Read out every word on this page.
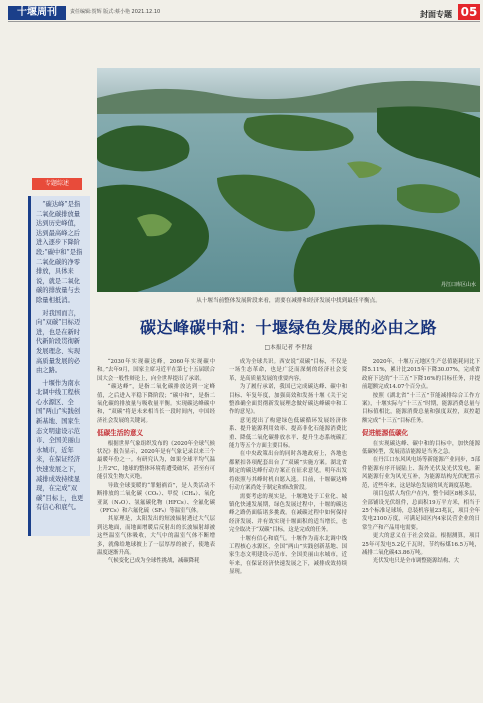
十堰周刊	责任编辑:贺辉 版式:蔡小艳 2021.12.10	封面专题 05
专题综述

“碳达峰”是指二氧化碳排放量达到历史峰值，达到最高峰之后进入逐步下降阶段;“碳中和”是指二氧化碳的净零排放，具体来说，就是二氧化碳的排放量与去除量相抵消。

对我国而言，向“双碳”目标迈进，也是在新时代新阶段贯彻新发展理念、实现高质量发展的必由之路。

十堰作为南水北调中线工程核心水源区、全国“两山”实践创新基地、国家生态文明建设示范市、全国美丽山水城市，近年来，在保证经济快速发展之下，减排成效持续显现，在完成“双碳”目标上，也更有信心和底气。

丹江口库区山水
从十堰当前整体发展阶段来看，需要在减排和经济发展中找到最佳平衡点。
碳达峰碳中和：十堰绿色发展的必由之路
□本报记者 李世磊

“2030年实现碳达峰，2060年实现碳中和。”去年9月，国家主席习近平在第七十五届联合国大会一般性辩论上，向全世界提出了承诺。

“碳达峰”，是指二氧化碳排放达到一定峰值，之后进入平稳下降阶段；“碳中和”，是指二氧化碳的排放量与吸收量平衡。实现碳达峰碳中和，“双碳”将是未来相当长一段时间内，中国经济社会发展的关键词。

低碳生活的意义

根据世界气象组织发布的《2020年全球气候状况》报告显示，2020年是有气象记录以来三个最暖年份之一。有研究认为，如果全球平均气温上升2℃，地球的整体环境将遭受破坏，甚至有可能引发生物大灭绝。

导致全球变暖的“罪魁祸首”，是人类活动不断排放的二氧化碳（CO₂）、甲烷（CH₄）、氧化亚氮（N₂O）、氢氟碳化物（HFCs）、全氟化碳（PFCs）和六氟化硫（SF₆）等温室气体。

其原理是，太阳发出的短波辐射透过大气层到达地面，而地面增暖后反射出的长波辐射却被这些温室气体吸收，大气中的温室气体不断增多，就像给地球披上了一层厚厚的被子，使地表温度逐渐升高。

气候变化已成为全球性挑战，减碳降耗

成为全球共识。西安说“双碳”目标，不仅是一场生态革命，也是广泛而深刻的经济社会变革，是高质量发展的重要内容。

为了履行承诺，我国已完成碳达峰、碳中和目标、年复年度，加强高效和发扬十堰《关于完整准确全面贯彻新发展理念做好碳达峰碳中和工作的意见》。

意见提出了构建绿色低碳循环发展经济体系、提升能源利用效率、提高非化石能源消费比重、降低二氧化碳排放水平、提升生态系统碳汇能力等五个方面主要目标。

在中央政策出台的同时各地政府上，各地也都紧扣各项配套出台了“双碳”实施方案。湖北省制定的碳达峰行动方案正在征求意见，明年出发将依照与其峰时机自愿入选。目前，十堰碳达峰行动方案尚处于制定和修改阶段。

需要考虑的现实是，十堰地处于工业化、城镇化快速发展期，绿色发展过程中，十堰的碳达峰之路仍面临诸多挑战。在减碳过程中如何保持经济发展、并有效实现十堰面积的适当增长，也完全取决于“双碳”目标，这是完成的任务。

十堰有信心和底气。十堰作为南水北调中线工程核心水源区，全国“两山”实践创新基地、国家生态文明建设示范市、全国美丽山水城市，近年来，在保证经济快速发展之下，减排成效持续显现。

2020年，十堰万元地区生产总值能耗同比下降5.11%，累计比2015年下降30.07%，完成省政府下达的“十三五”下降16%的目标任务，并提前超额完成14.07个百分点。

按照《湖北省“十三五”节能减排综合工作方案》，十堰实际与“十三五”时期，能源消费总量与目标值相比，能源消费总量和强度双控，双控超额完成“十三五”目标任务。

促进能源低碳化

在实现碳达峰、碳中和的目标中，加快能源低碳转型，发展清洁能源是当务之急。

在丹江口东风风电场等新能源产业同步，5部件能源有序开展陆上、海外光伏及光伏发电，新风能源行业为风光互补，为能源结构光伏配置示范，近些年来，这是绿色发展的风光调度基地。

项目包括人均住户在内，整个园区8栋多层，全部铺设光伏组件，总面积19万平方米，相当于25个标准足球场，总装机容量23兆瓦，项目全年发电2100万度，可满足园区内4家民营企业的日常生产和产品用电需要。

更大的意义在于社会效益。根据测算，项目25年可发电5.2亿千瓦时，节约标煤16.5万吨，减排二氧化碳43.86万吨。

光伏发电只是全市调整能源结构、大
